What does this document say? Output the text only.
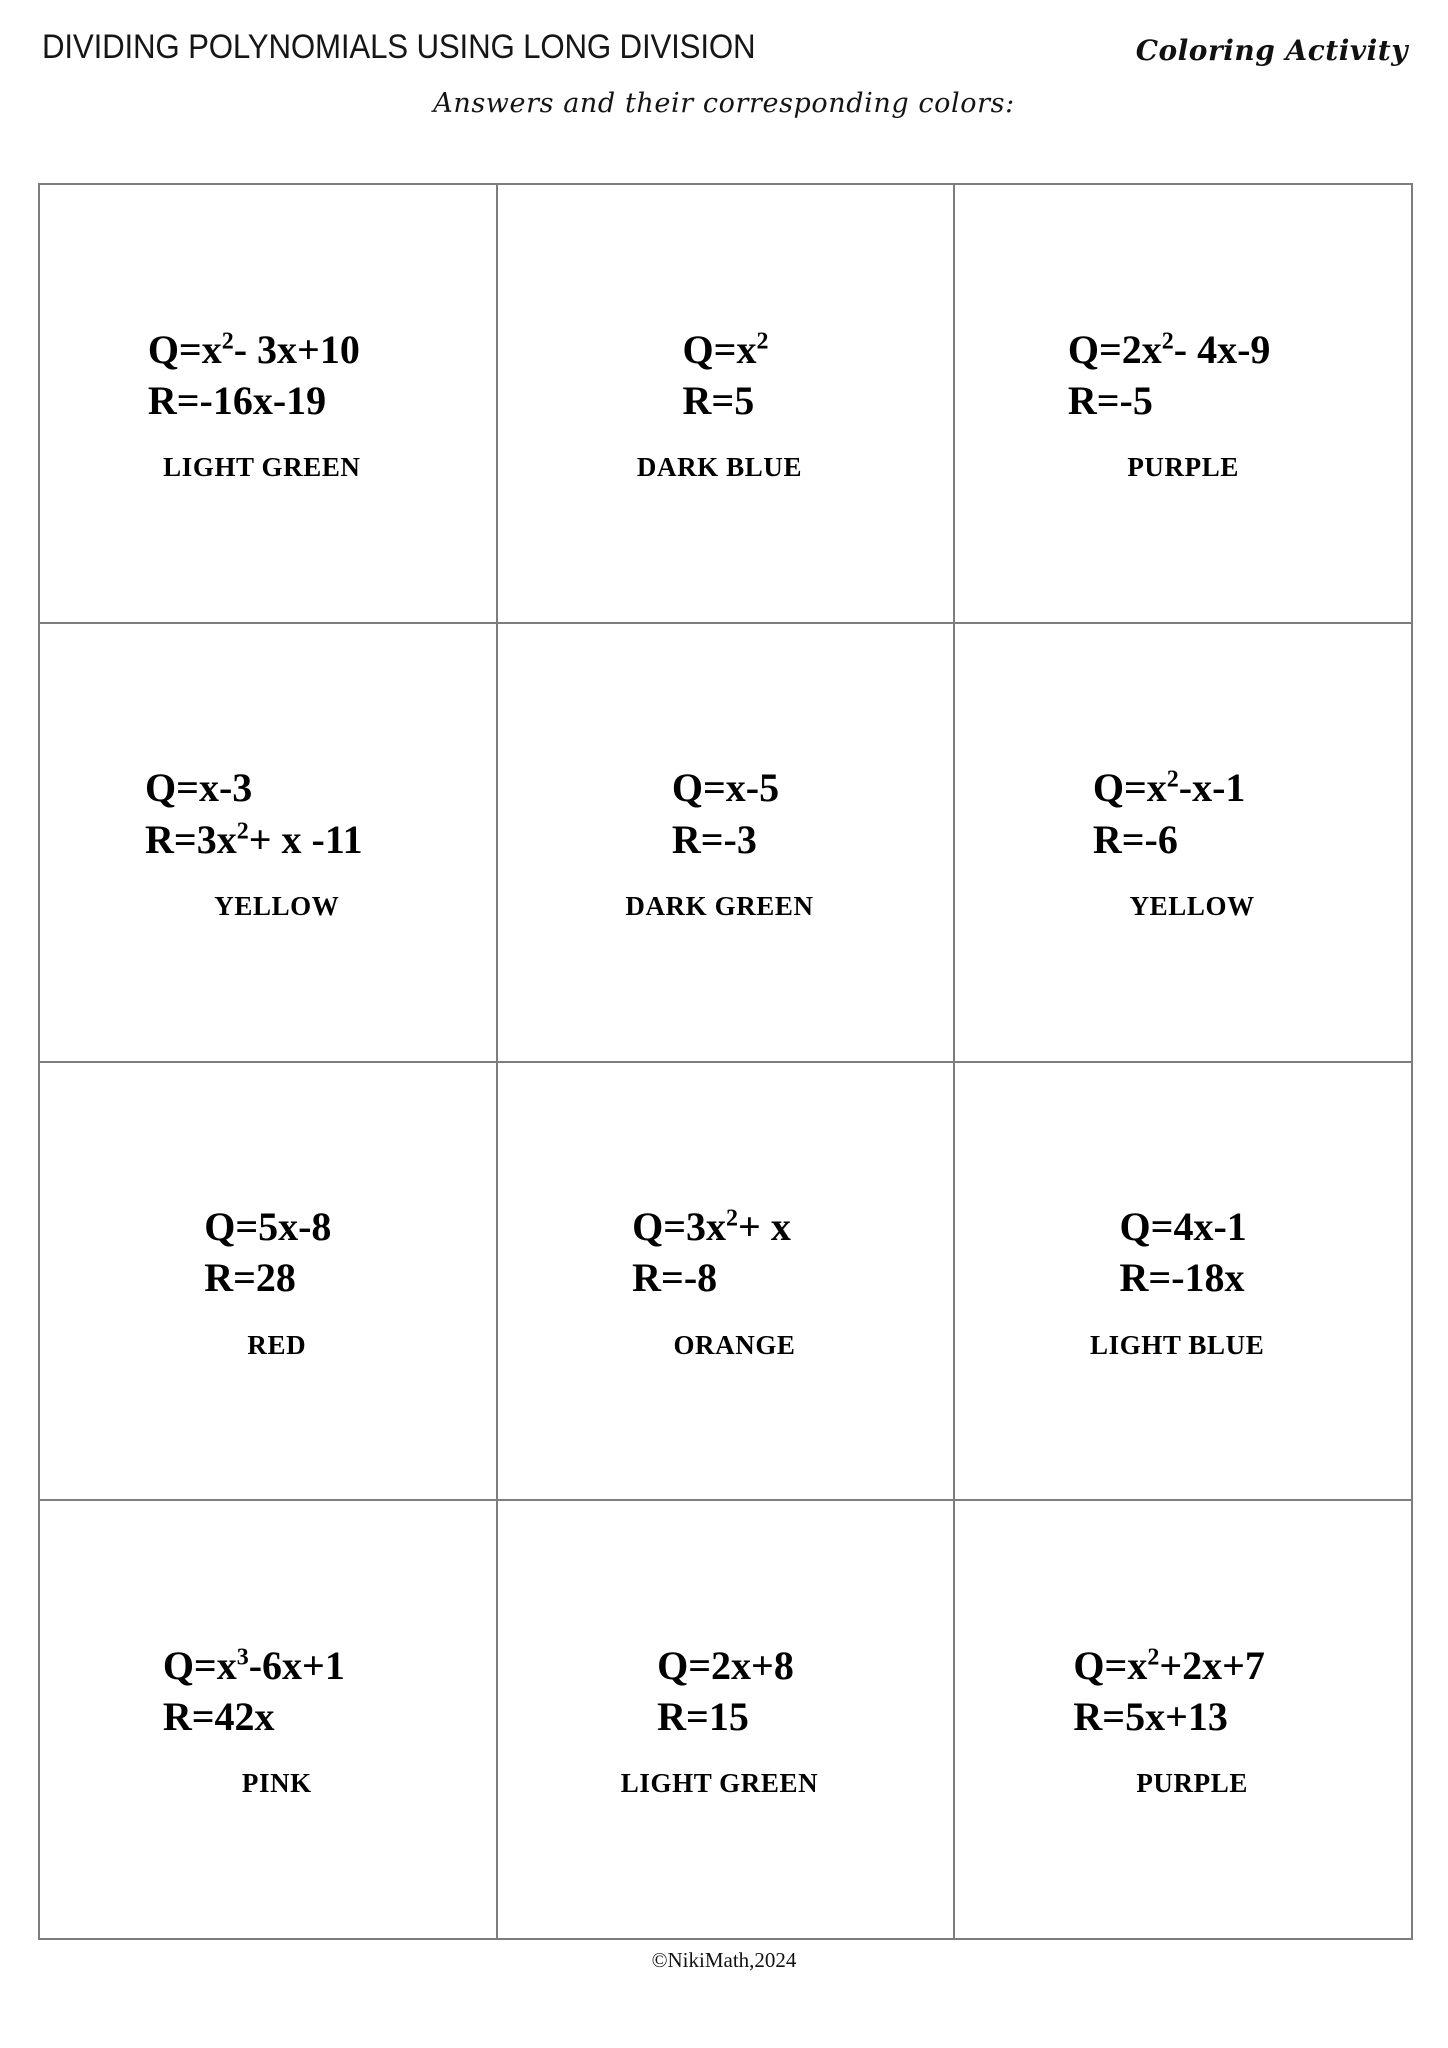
DIVIDING POLYNOMIALS USING LONG DIVISION	Coloring Activity
Answers and their corresponding colors:
$Q=x^2-$ 3x+10
R=-16x-19
LIGHT GREEN
$Q=x^2$
R=5
DARK BLUE
$Q=2x^2-$ 4x-9
R=-5
PURPLE
Q=x-3
$R=3x^2+ x$ -11
YELLOW
Q=x-5
R=-3
DARK GREEN
$Q=x^2-x-1$
R=-6
YELLOW
Q=5x-8
R=28
RED
$Q=3x^2+ x$
R=-8
ORANGE
Q=4x-1
R=-18x
LIGHT BLUE
$Q=x^3-6x+1$
R=42x
PINK
Q=2x+8
R=15
LIGHT GREEN
$Q=x^2+2x+7$
R=5x+13
PURPLE
©NikiMath,2024
